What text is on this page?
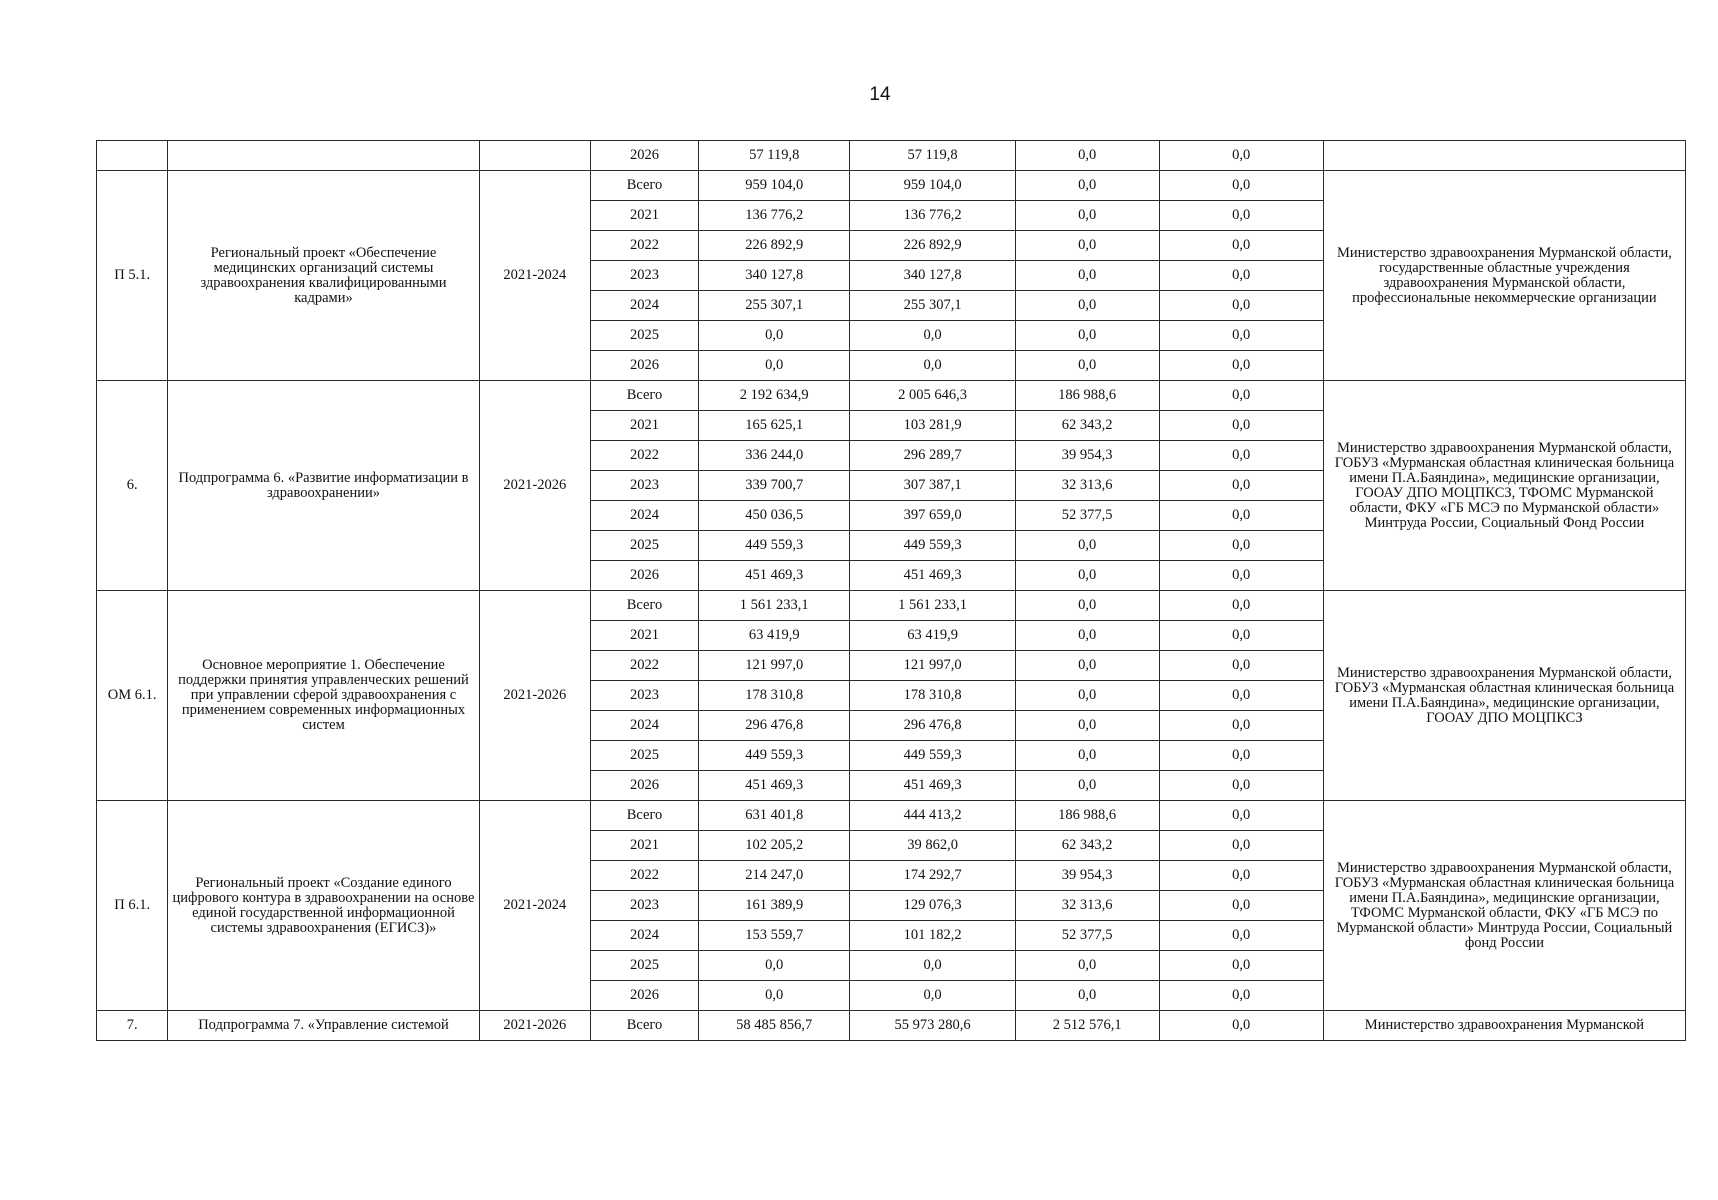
14
			2026	57 119,8	57 119,8	0,0	0,0	
П 5.1.	Региональный проект «Обеспечение медицинских организаций системы здравоохранения квалифицированными кадрами»	2021-2024	Всего	959 104,0	959 104,0	0,0	0,0	Министерство здравоохранения Мурманской области, государственные областные учреждения здравоохранения Мурманской области, профессиональные некоммерческие организации
			2021	136 776,2	136 776,2	0,0	0,0	
			2022	226 892,9	226 892,9	0,0	0,0	
			2023	340 127,8	340 127,8	0,0	0,0	
			2024	255 307,1	255 307,1	0,0	0,0	
			2025	0,0	0,0	0,0	0,0	
			2026	0,0	0,0	0,0	0,0	
6.	Подпрограмма 6. «Развитие информатизации в здравоохранении»	2021-2026	Всего	2 192 634,9	2 005 646,3	186 988,6	0,0	Министерство здравоохранения Мурманской области, ГОБУЗ «Мурманская областная клиническая больница имени П.А.Баяндина», медицинские организации, ГООАУ ДПО МОЦПКСЗ, ТФОМС Мурманской области, ФКУ «ГБ МСЭ по Мурманской области» Минтруда России, Социальный Фонд России
			2021	165 625,1	103 281,9	62 343,2	0,0	
			2022	336 244,0	296 289,7	39 954,3	0,0	
			2023	339 700,7	307 387,1	32 313,6	0,0	
			2024	450 036,5	397 659,0	52 377,5	0,0	
			2025	449 559,3	449 559,3	0,0	0,0	
			2026	451 469,3	451 469,3	0,0	0,0	
ОМ 6.1.	Основное мероприятие 1. Обеспечение поддержки принятия управленческих решений при управлении сферой здравоохранения с применением современных информационных систем	2021-2026	Всего	1 561 233,1	1 561 233,1	0,0	0,0	Министерство здравоохранения Мурманской области, ГОБУЗ «Мурманская областная клиническая больница имени П.А.Баяндина», медицинские организации, ГООАУ ДПО МОЦПКСЗ
			2021	63 419,9	63 419,9	0,0	0,0	
			2022	121 997,0	121 997,0	0,0	0,0	
			2023	178 310,8	178 310,8	0,0	0,0	
			2024	296 476,8	296 476,8	0,0	0,0	
			2025	449 559,3	449 559,3	0,0	0,0	
			2026	451 469,3	451 469,3	0,0	0,0	
П 6.1.	Региональный проект «Создание единого цифрового контура в здравоохранении на основе единой государственной информационной системы здравоохранения (ЕГИСЗ)»	2021-2024	Всего	631 401,8	444 413,2	186 988,6	0,0	Министерство здравоохранения Мурманской области, ГОБУЗ «Мурманская областная клиническая больница имени П.А.Баяндина», медицинские организации, ТФОМС Мурманской области, ФКУ «ГБ МСЭ по Мурманской области» Минтруда России, Социальный фонд России
			2021	102 205,2	39 862,0	62 343,2	0,0	
			2022	214 247,0	174 292,7	39 954,3	0,0	
			2023	161 389,9	129 076,3	32 313,6	0,0	
			2024	153 559,7	101 182,2	52 377,5	0,0	
			2025	0,0	0,0	0,0	0,0	
			2026	0,0	0,0	0,0	0,0	
7.	Подпрограмма 7. «Управление системой	2021-2026	Всего	58 485 856,7	55 973 280,6	2 512 576,1	0,0	Министерство здравоохранения Мурманской
